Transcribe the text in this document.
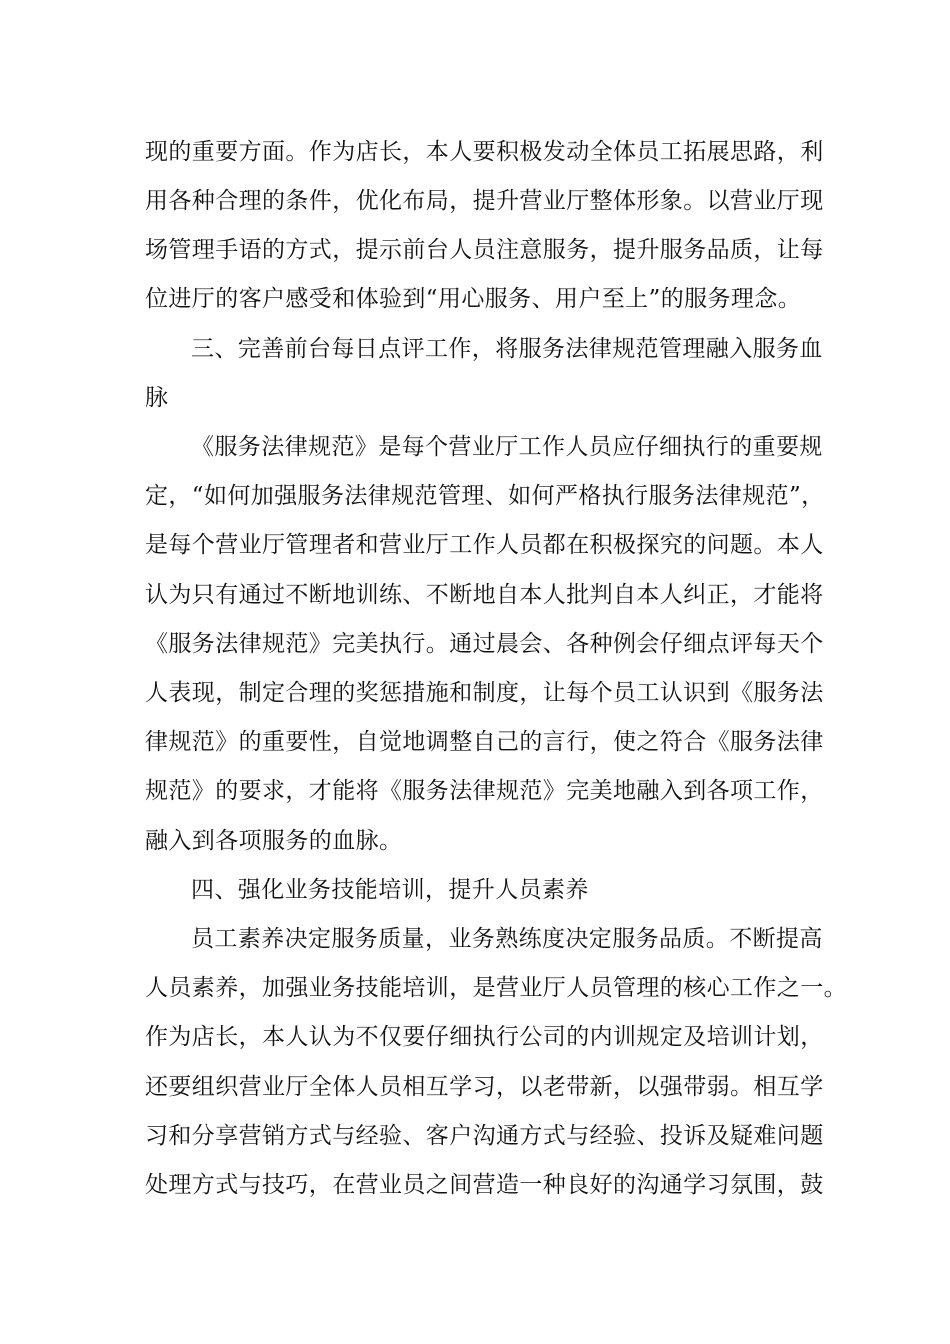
现的重要方面。作为店长，本人要积极发动全体员工拓展思路，利
用各种合理的条件，优化布局，提升营业厅整体形象。以营业厅现
场管理手语的方式，提示前台人员注意服务，提升服务品质，让每
位进厅的客户感受和体验到“用心服务、用户至上”的服务理念。
三、完善前台每日点评工作，将服务法律规范管理融入服务血
脉
《服务法律规范》是每个营业厅工作人员应仔细执行的重要规
定，“如何加强服务法律规范管理、如何严格执行服务法律规范”，
是每个营业厅管理者和营业厅工作人员都在积极探究的问题。本人
认为只有通过不断地训练、不断地自本人批判自本人纠正，才能将
《服务法律规范》完美执行。通过晨会、各种例会仔细点评每天个
人表现，制定合理的奖惩措施和制度，让每个员工认识到《服务法
律规范》的重要性，自觉地调整自己的言行，使之符合《服务法律
规范》的要求，才能将《服务法律规范》完美地融入到各项工作，
融入到各项服务的血脉。
四、强化业务技能培训，提升人员素养
员工素养决定服务质量，业务熟练度决定服务品质。不断提高
人员素养，加强业务技能培训，是营业厅人员管理的核心工作之一。
作为店长，本人认为不仅要仔细执行公司的内训规定及培训计划，
还要组织营业厅全体人员相互学习，以老带新，以强带弱。相互学
习和分享营销方式与经验、客户沟通方式与经验、投诉及疑难问题
处理方式与技巧，在营业员之间营造一种良好的沟通学习氛围，鼓
